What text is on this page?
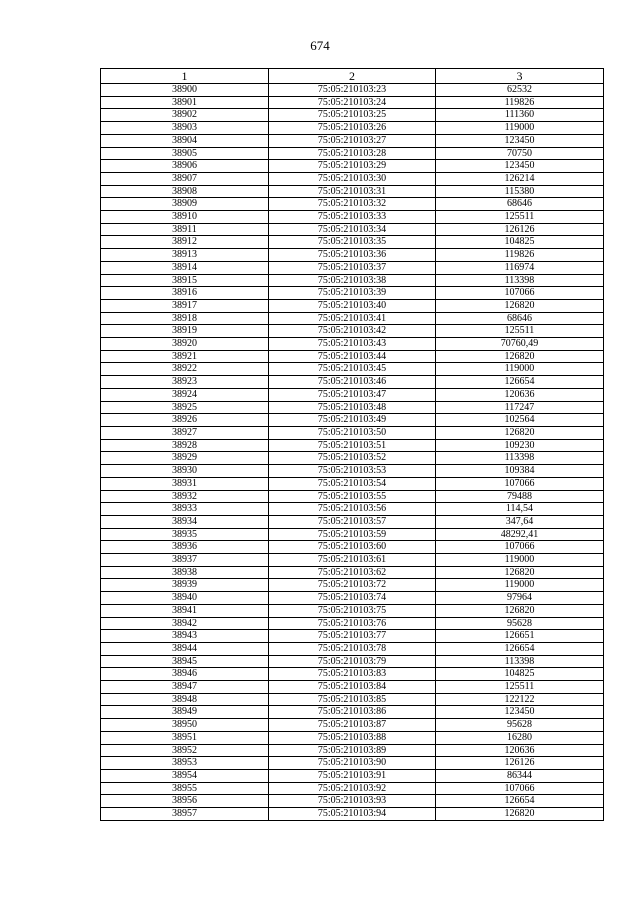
674
1	2	3
38900	75:05:210103:23	62532
38901	75:05:210103:24	119826
38902	75:05:210103:25	111360
38903	75:05:210103:26	119000
38904	75:05:210103:27	123450
38905	75:05:210103:28	70750
38906	75:05:210103:29	123450
38907	75:05:210103:30	126214
38908	75:05:210103:31	115380
38909	75:05:210103:32	68646
38910	75:05:210103:33	125511
38911	75:05:210103:34	126126
38912	75:05:210103:35	104825
38913	75:05:210103:36	119826
38914	75:05:210103:37	116974
38915	75:05:210103:38	113398
38916	75:05:210103:39	107066
38917	75:05:210103:40	126820
38918	75:05:210103:41	68646
38919	75:05:210103:42	125511
38920	75:05:210103:43	70760,49
38921	75:05:210103:44	126820
38922	75:05:210103:45	119000
38923	75:05:210103:46	126654
38924	75:05:210103:47	120636
38925	75:05:210103:48	117247
38926	75:05:210103:49	102564
38927	75:05:210103:50	126820
38928	75:05:210103:51	109230
38929	75:05:210103:52	113398
38930	75:05:210103:53	109384
38931	75:05:210103:54	107066
38932	75:05:210103:55	79488
38933	75:05:210103:56	114,54
38934	75:05:210103:57	347,64
38935	75:05:210103:59	48292,41
38936	75:05:210103:60	107066
38937	75:05:210103:61	119000
38938	75:05:210103:62	126820
38939	75:05:210103:72	119000
38940	75:05:210103:74	97964
38941	75:05:210103:75	126820
38942	75:05:210103:76	95628
38943	75:05:210103:77	126651
38944	75:05:210103:78	126654
38945	75:05:210103:79	113398
38946	75:05:210103:83	104825
38947	75:05:210103:84	125511
38948	75:05:210103:85	122122
38949	75:05:210103:86	123450
38950	75:05:210103:87	95628
38951	75:05:210103:88	16280
38952	75:05:210103:89	120636
38953	75:05:210103:90	126126
38954	75:05:210103:91	86344
38955	75:05:210103:92	107066
38956	75:05:210103:93	126654
38957	75:05:210103:94	126820
